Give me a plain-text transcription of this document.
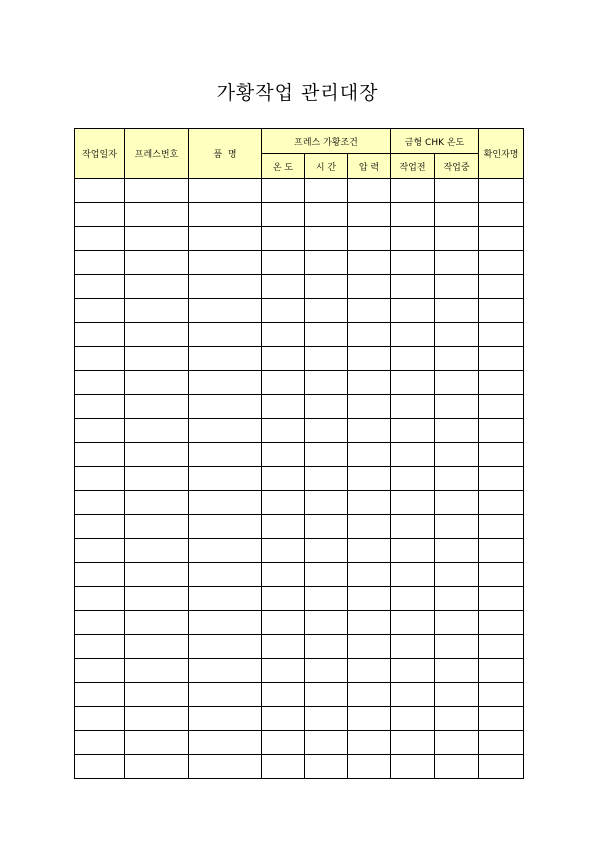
가황작업 관리대장
작업일자	프레스번호	품  명	프레스 가황조건			금형 CHK 온도		확인자명
			온 도	시 간	압 력	작업전	작업중	
